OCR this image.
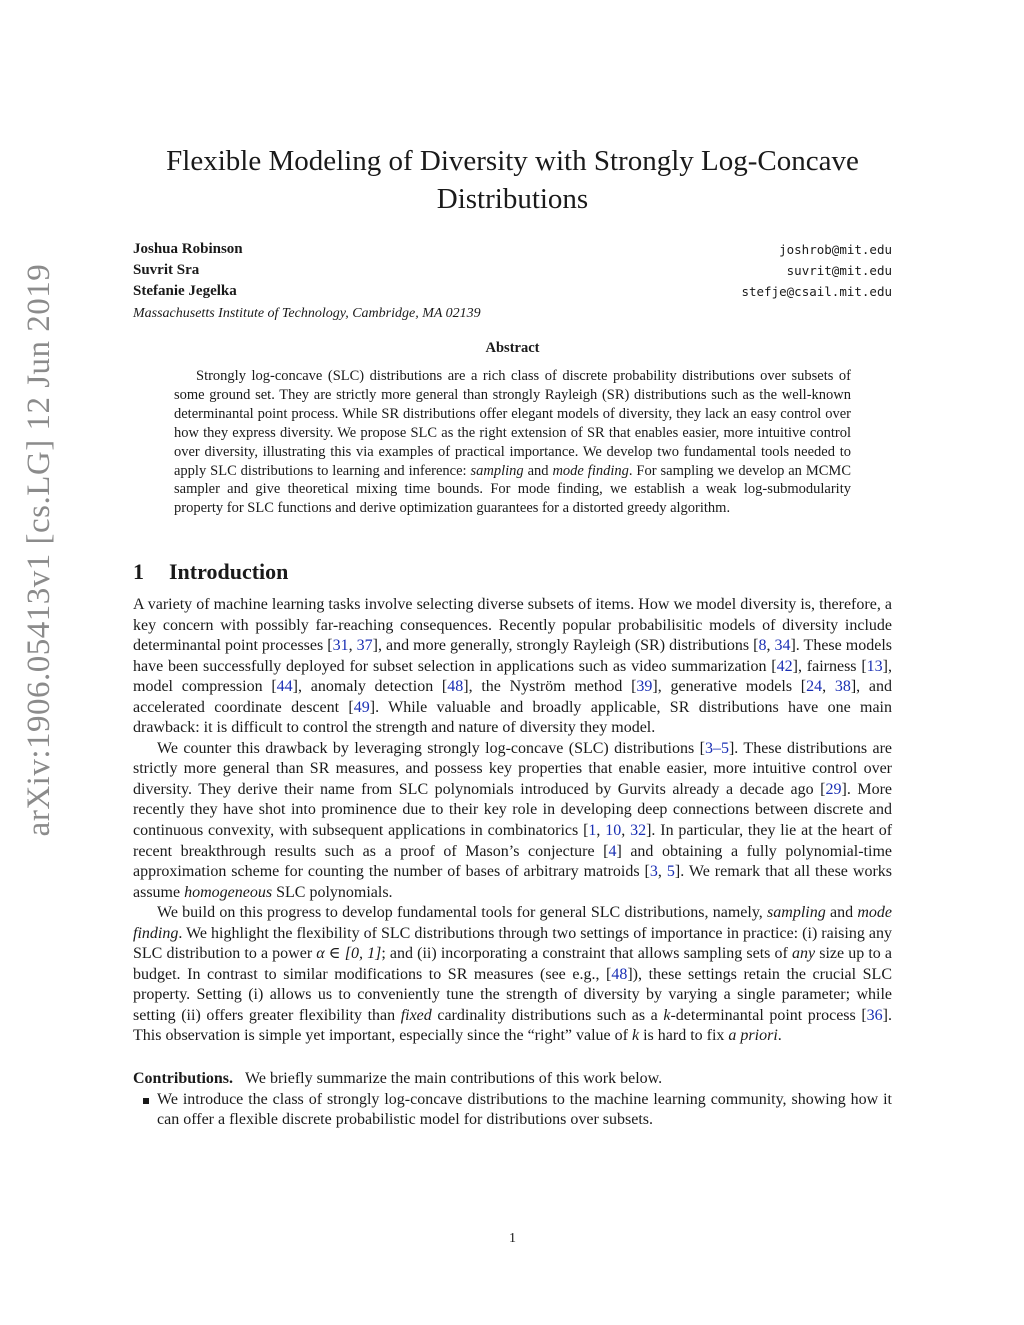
arXiv:1906.05413v1 [cs.LG] 12 Jun 2019
Flexible Modeling of Diversity with Strongly Log-Concave
Distributions
Joshua Robinson	joshrob@mit.edu
Suvrit Sra	suvrit@mit.edu
Stefanie Jegelka	stefje@csail.mit.edu
Massachusetts Institute of Technology, Cambridge, MA 02139
Abstract

Strongly log-concave (SLC) distributions are a rich class of discrete probability distributions over subsets of some ground set. They are strictly more general than strongly Rayleigh (SR) distributions such as the well-known determinantal point process. While SR distributions offer elegant models of diversity, they lack an easy control over how they express diversity. We propose SLC as the right extension of SR that enables easier, more intuitive control over diversity, illustrating this via examples of practical importance. We develop two fundamental tools needed to apply SLC distributions to learning and inference: sampling and mode finding. For sampling we develop an MCMC sampler and give theoretical mixing time bounds. For mode finding, we establish a weak log-submodularity property for SLC functions and derive optimization guarantees for a distorted greedy algorithm.

1 Introduction

A variety of machine learning tasks involve selecting diverse subsets of items. How we model diversity is, therefore, a key concern with possibly far-reaching consequences. Recently popular probabilisitic models of diversity include determinantal point processes [31, 37], and more generally, strongly Rayleigh (SR) distributions [8, 34]. These models have been successfully deployed for subset selection in applications such as video summarization [42], fairness [13], model compression [44], anomaly detection [48], the Nyström method [39], generative models [24, 38], and accelerated coordinate descent [49]. While valuable and broadly applicable, SR distributions have one main drawback: it is difficult to control the strength and nature of diversity they model.

We counter this drawback by leveraging strongly log-concave (SLC) distributions [3–5]. These distributions are strictly more general than SR measures, and possess key properties that enable easier, more intuitive control over diversity. They derive their name from SLC polynomials introduced by Gurvits already a decade ago [29]. More recently they have shot into prominence due to their key role in developing deep connections between discrete and continuous convexity, with subsequent applications in combinatorics [1, 10, 32]. In particular, they lie at the heart of recent breakthrough results such as a proof of Mason’s conjecture [4] and obtaining a fully polynomial-time approximation scheme for counting the number of bases of arbitrary matroids [3, 5]. We remark that all these works assume homogeneous SLC polynomials.

We build on this progress to develop fundamental tools for general SLC distributions, namely, sampling and mode finding. We highlight the flexibility of SLC distributions through two settings of importance in practice: (i) raising any SLC distribution to a power α ∈ [0, 1]; and (ii) incorporating a constraint that allows sampling sets of any size up to a budget. In contrast to similar modifications to SR measures (see e.g., [48]), these settings retain the crucial SLC property. Setting (i) allows us to conveniently tune the strength of diversity by varying a single parameter; while setting (ii) offers greater flexibility than fixed cardinality distributions such as a k-determinantal point process [36]. This observation is simple yet important, especially since the “right” value of k is hard to fix a priori.

Contributions. We briefly summarize the main contributions of this work below.

We introduce the class of strongly log-concave distributions to the machine learning community, showing how it can offer a flexible discrete probabilistic model for distributions over subsets.

1
